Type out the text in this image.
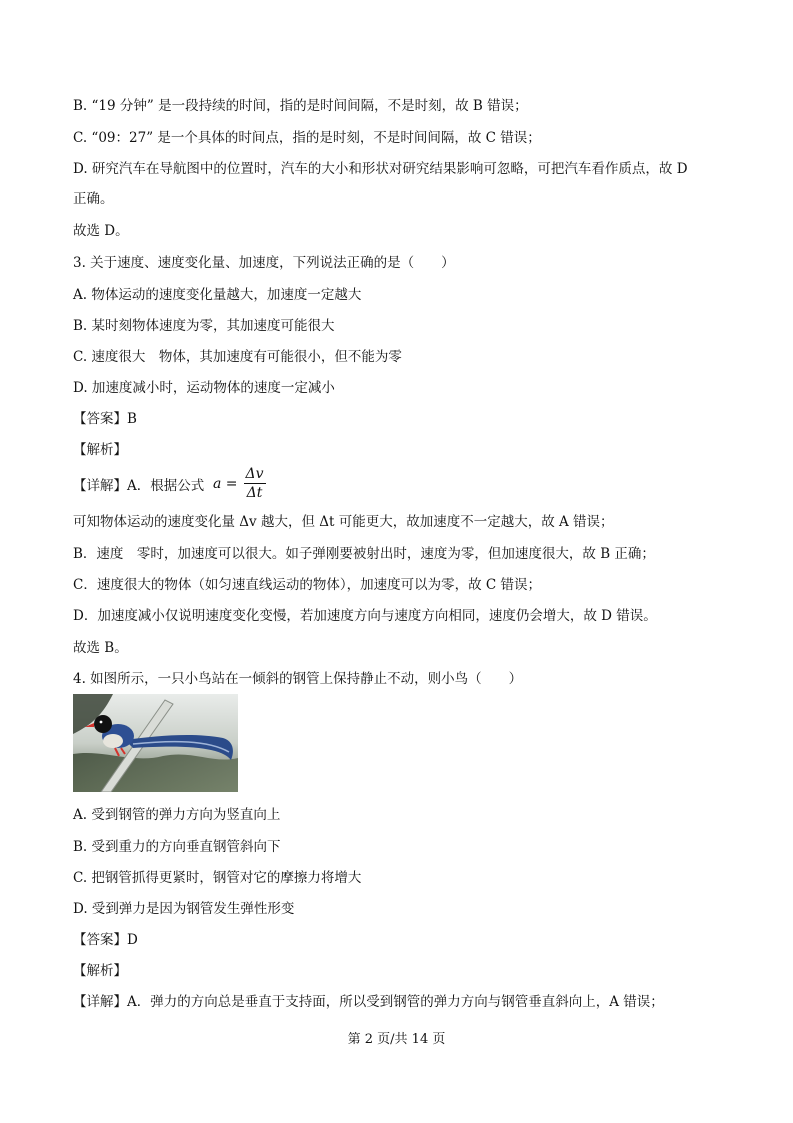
B. “19 分钟” 是一段持续的时间，指的是时间间隔，不是时刻，故 B 错误；
C. “09：27” 是一个具体的时间点，指的是时刻，不是时间间隔，故 C 错误；
D. 研究汽车在导航图中的位置时，汽车的大小和形状对研究结果影响可忽略，可把汽车看作质点，故 D
正确。
故选 D。
3. 关于速度、速度变化量、加速度，下列说法正确的是（　　）
A. 物体运动的速度变化量越大，加速度一定越大
B. 某时刻物体速度为零，其加速度可能很大
C. 速度很大　物体，其加速度有可能很小，但不能为零
D. 加速度减小时，运动物体的速度一定减小
【答案】B
【解析】
【详解】A．根据公式 $a = \frac{\Delta v}{\Delta t}$
可知物体运动的速度变化量 Δv 越大，但 Δt 可能更大，故加速度不一定越大，故 A 错误；
B．速度　零时，加速度可以很大。如子弹刚要被射出时，速度为零，但加速度很大，故 B 正确；
C．速度很大的物体（如匀速直线运动的物体），加速度可以为零，故 C 错误；
D．加速度减小仅说明速度变化变慢，若加速度方向与速度方向相同，速度仍会增大，故 D 错误。
故选 B。
4. 如图所示，一只小鸟站在一倾斜的钢管上保持静止不动，则小鸟（　　）
A. 受到钢管的弹力方向为竖直向上
B. 受到重力的方向垂直钢管斜向下
C. 把钢管抓得更紧时，钢管对它的摩擦力将增大
D. 受到弹力是因为钢管发生弹性形变
【答案】D
【解析】
【详解】A．弹力的方向总是垂直于支持面，所以受到钢管的弹力方向与钢管垂直斜向上，A 错误；
第 2 页/共 14 页
